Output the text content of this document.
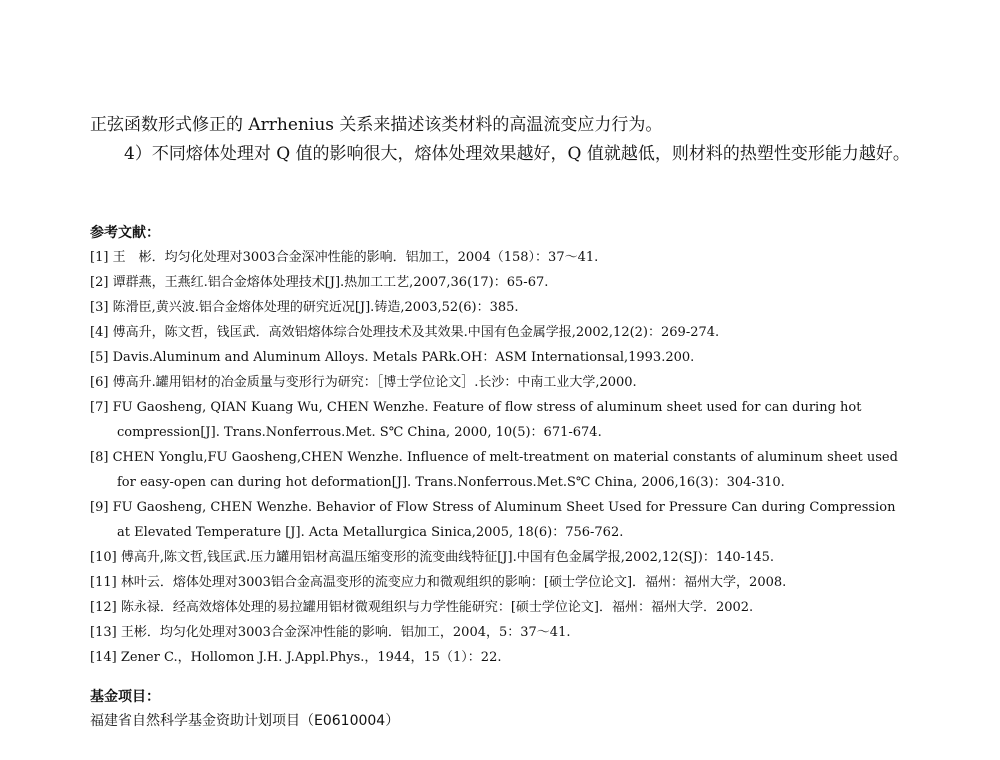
正弦函数形式修正的 Arrhenius 关系来描述该类材料的高温流变应力行为。

4）不同熔体处理对 Q 值的影响很大，熔体处理效果越好，Q 值就越低，则材料的热塑性变形能力越好。

参考文献：

[1] 王　彬．均匀化处理对3003合金深冲性能的影响．铝加工，2004（158）：37～41.
[2] 谭群燕，王燕红.铝合金熔体处理技术[J].热加工工艺,2007,36(17)：65-67.
[3] 陈滑臣,黄兴波.铝合金熔体处理的研究近况[J].铸造,2003,52(6)：385.
[4] 傅高升，陈文哲，钱匡武．高效铝熔体综合处理技术及其效果.中国有色金属学报,2002,12(2)：269-274.
[5] Davis.Aluminum and Aluminum Alloys. Metals PARk.OH：ASM Internationsal,1993.200.
[6] 傅高升.罐用铝材的冶金质量与变形行为研究：［博士学位论文］.长沙：中南工业大学,2000.
[7] FU Gaosheng, QIAN Kuang Wu, CHEN Wenzhe. Feature of flow stress of aluminum sheet used for can during hot compression[J]. Trans.Nonferrous.Met. S℃ China, 2000, 10(5)：671-674.
[8] CHEN Yonglu,FU Gaosheng,CHEN Wenzhe. Influence of melt-treatment on material constants of aluminum sheet used for easy-open can during hot deformation[J]. Trans.Nonferrous.Met.S℃ China, 2006,16(3)：304-310.
[9] FU Gaosheng, CHEN Wenzhe. Behavior of Flow Stress of Aluminum Sheet Used for Pressure Can during Compression at Elevated Temperature [J]. Acta Metallurgica Sinica,2005, 18(6)：756-762.
[10] 傅高升,陈文哲,钱匡武.压力罐用铝材高温压缩变形的流变曲线特征[J].中国有色金属学报,2002,12(SJ)：140-145.
[11] 林叶云．熔体处理对3003铝合金高温变形的流变应力和微观组织的影响：[硕士学位论文]．福州：福州大学，2008.
[12] 陈永禄．经高效熔体处理的易拉罐用铝材微观组织与力学性能研究：[硕士学位论文]．福州：福州大学．2002.
[13] 王彬．均匀化处理对3003合金深冲性能的影响．铝加工，2004，5：37～41.
[14] Zener C.，Hollomon J.H. J.Appl.Phys.，1944，15（1）：22.

基金项目：

福建省自然科学基金资助计划项目（E0610004）
